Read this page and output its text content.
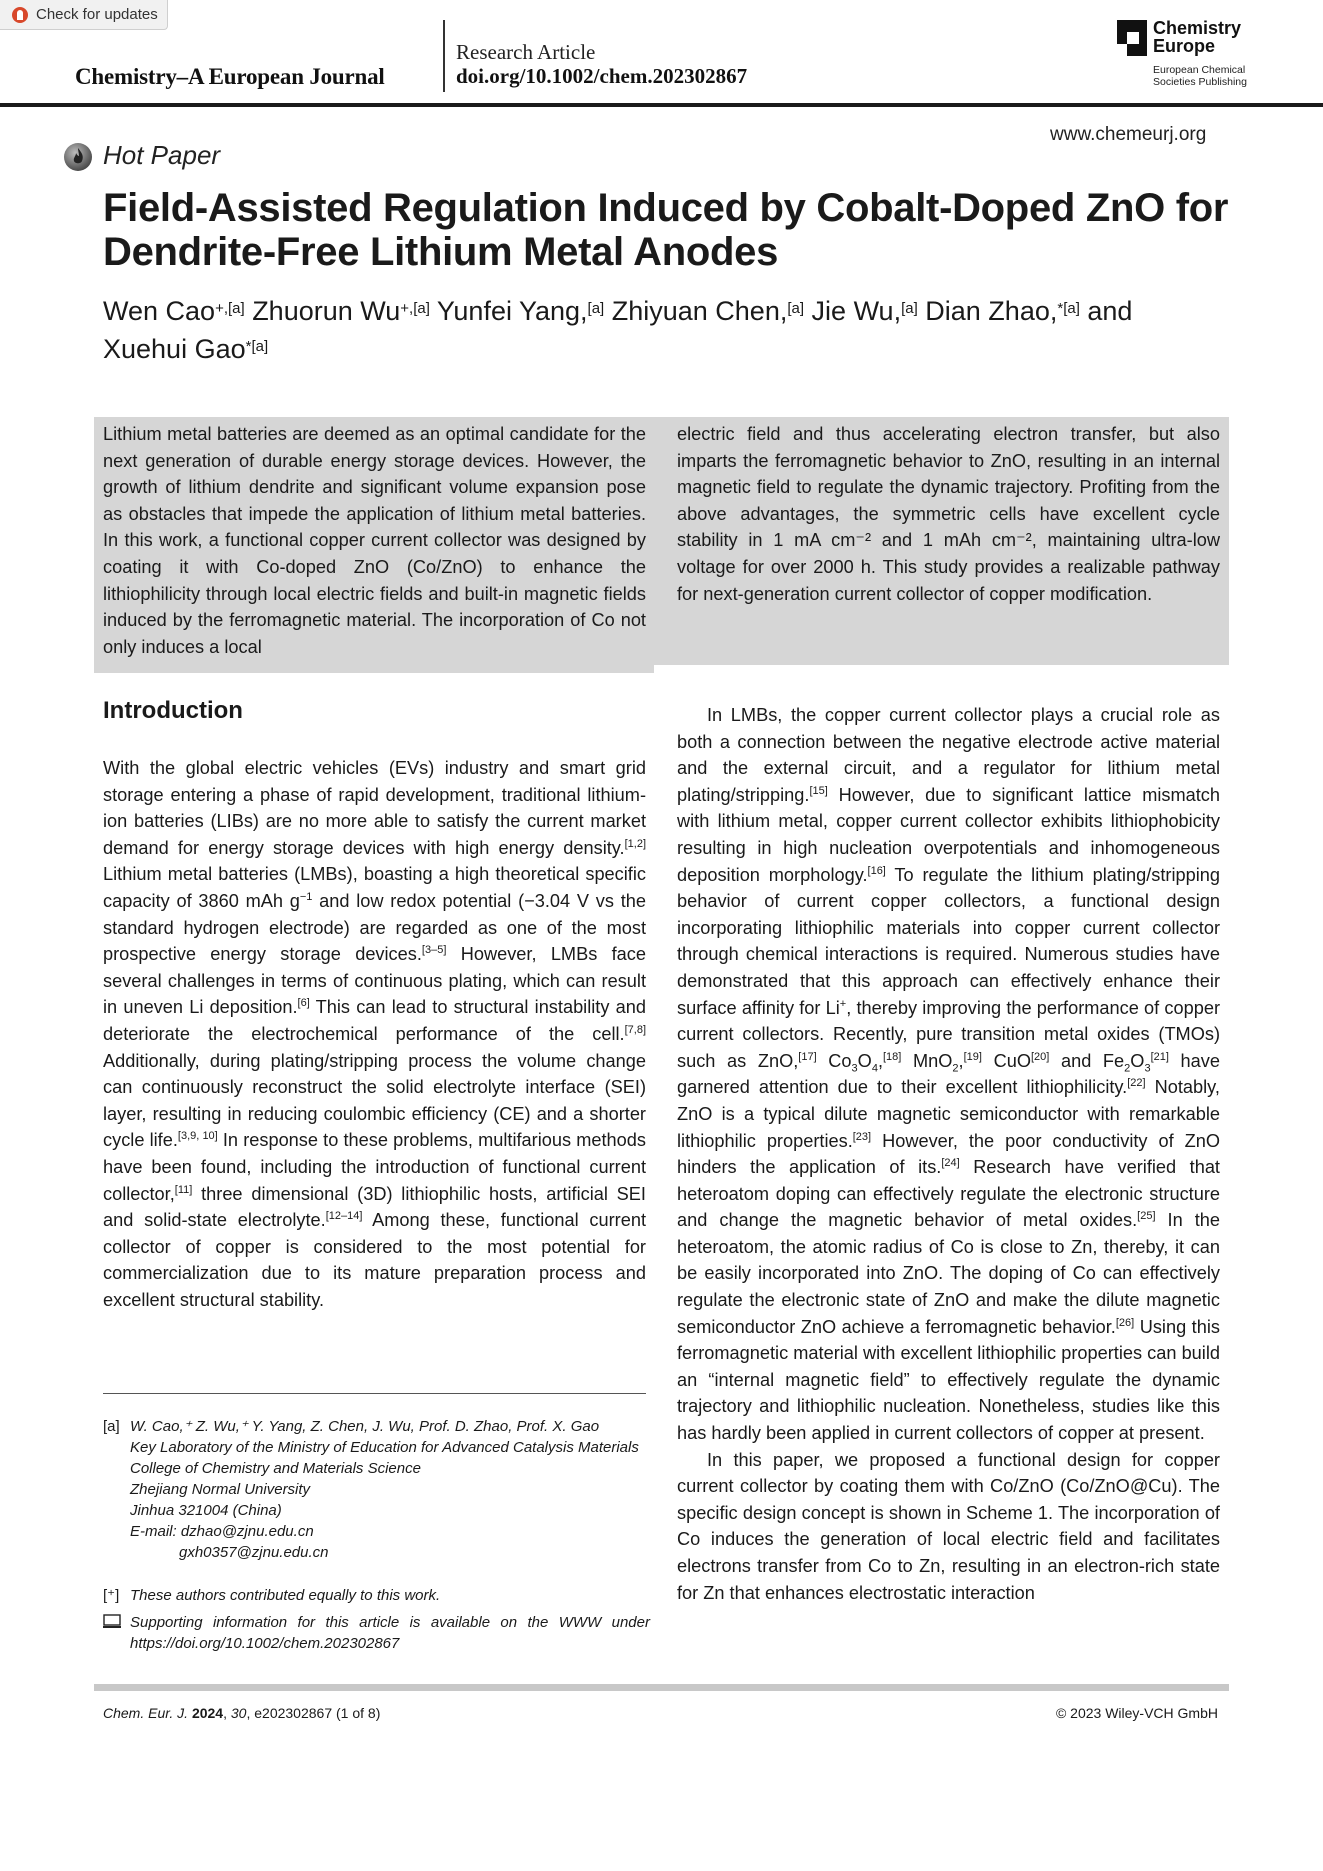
Check for updates
Chemistry–A European Journal
Research Article
doi.org/10.1002/chem.202302867
Chemistry
Europe
European Chemical
Societies Publishing
www.chemeurj.org
Hot Paper
Field-Assisted Regulation Induced by Cobalt-Doped ZnO for Dendrite-Free Lithium Metal Anodes
Wen Cao$^{+,[a]}$ Zhuorun $Wu^{+,[a]}$ Yunfei Yang,[a] Zhiyuan Chen,[a] Jie Wu,[a] Dian Zhao,$^{*[a]}$ and
Xuehui Gao$^{*[a]}$
Lithium metal batteries are deemed as an optimal candidate for the next generation of durable energy storage devices. However, the growth of lithium dendrite and significant volume expansion pose as obstacles that impede the application of lithium metal batteries. In this work, a functional copper current collector was designed by coating it with Co-doped ZnO (Co/ZnO) to enhance the lithiophilicity through local electric fields and built-in magnetic fields induced by the ferromagnetic material. The incorporation of Co not only induces a local
electric field and thus accelerating electron transfer, but also imparts the ferromagnetic behavior to ZnO, resulting in an internal magnetic field to regulate the dynamic trajectory. Profiting from the above advantages, the symmetric cells have excellent cycle stability in 1 mA cm⁻² and 1 mAh cm⁻², maintaining ultra-low voltage for over 2000 h. This study provides a realizable pathway for next-generation current collector of copper modification.
Introduction

With the global electric vehicles (EVs) industry and smart grid storage entering a phase of rapid development, traditional lithium-ion batteries (LIBs) are no more able to satisfy the current market demand for energy storage devices with high energy density.[1,2] Lithium metal batteries (LMBs), boasting a high theoretical specific capacity of 3860 mAh $g^{-1}$ and low redox potential (−3.04 V vs the standard hydrogen electrode) are regarded as one of the most prospective energy storage devices.[3–5] However, LMBs face several challenges in terms of continuous plating, which can result in uneven Li deposition.[6] This can lead to structural instability and deteriorate the electrochemical performance of the cell.[7,8] Additionally, during plating/stripping process the volume change can continuously reconstruct the solid electrolyte interface (SEI) layer, resulting in reducing coulombic efficiency (CE) and a shorter cycle life.[3,9, 10] In response to these problems, multifarious methods have been found, including the introduction of functional current collector,[11] three dimensional (3D) lithiophilic hosts, artificial SEI and solid-state electrolyte.[12–14] Among these, functional current collector of copper is considered to the most potential for commercialization due to its mature preparation process and excellent structural stability.

In LMBs, the copper current collector plays a crucial role as both a connection between the negative electrode active material and the external circuit, and a regulator for lithium metal plating/stripping.[15] However, due to significant lattice mismatch with lithium metal, copper current collector exhibits lithiophobicity resulting in high nucleation overpotentials and inhomogeneous deposition morphology.[16] To regulate the lithium plating/stripping behavior of current copper collectors, a functional design incorporating lithiophilic materials into copper current collector through chemical interactions is required. Numerous studies have demonstrated that this approach can effectively enhance their surface affinity for Li+, thereby improving the performance of copper current collectors. Recently, pure transition metal oxides (TMOs) such as ZnO,[17] $Co_3O_4,[18]$ MnO$_2$,[19] CuO[20] and $Fe_2O_3[21]$ have garnered attention due to their excellent lithiophilicity.[22] Notably, ZnO is a typical dilute magnetic semiconductor with remarkable lithiophilic properties.[23] However, the poor conductivity of ZnO hinders the application of its.[24] Research have verified that heteroatom doping can effectively regulate the electronic structure and change the magnetic behavior of metal oxides.[25] In the heteroatom, the atomic radius of Co is close to Zn, thereby, it can be easily incorporated into ZnO. The doping of Co can effectively regulate the electronic state of ZnO and make the dilute magnetic semiconductor ZnO achieve a ferromagnetic behavior.[26] Using this ferromagnetic material with excellent lithiophilic properties can build an “internal magnetic field” to effectively regulate the dynamic trajectory and lithiophilic nucleation. Nonetheless, studies like this has hardly been applied in current collectors of copper at present.

In this paper, we proposed a functional design for copper current collector by coating them with Co/ZnO (Co/ZnO@Cu). The specific design concept is shown in Scheme 1. The incorporation of Co induces the generation of local electric field and facilitates electrons transfer from Co to Zn, resulting in an electron-rich state for Zn that enhances electrostatic interaction

[a] W. Cao,⁺ Z. Wu,⁺ Y. Yang, Z. Chen, J. Wu, Prof. D. Zhao, Prof. X. Gao
Key Laboratory of the Ministry of Education for Advanced Catalysis Materials
College of Chemistry and Materials Science
Zhejiang Normal University
Jinhua 321004 (China)
E-mail: dzhao@zjnu.edu.cn
gxh0357@zjnu.edu.cn
[⁺] These authors contributed equally to this work.
Supporting information for this article is available on the WWW under https://doi.org/10.1002/chem.202302867
Chem. Eur. J. 2024, 30, e202302867 (1 of 8)	© 2023 Wiley-VCH GmbH
